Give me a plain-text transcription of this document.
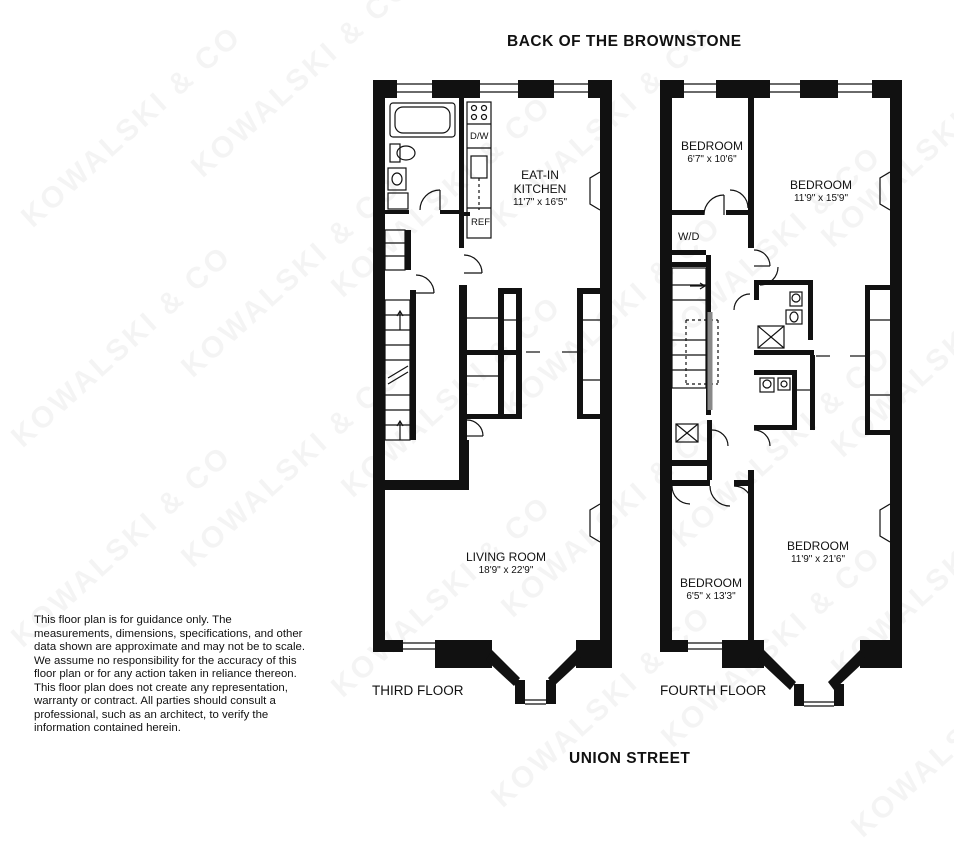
BACK OF THE BROWNSTONE
UNION STREET
THIRD FLOOR	FOURTH FLOOR
EAT-IN
KITCHEN
11'7" x 16'5"
LIVING ROOM
18'9" x 22'9"
D/W
REF
BEDROOM
6'7" x 10'6"
BEDROOM
11'9" x 15'9"
BEDROOM
6'5" x 13'3"
BEDROOM
11'9" x 21'6"
W/D
This floor plan is for guidance only. The measurements, dimensions, specifications, and other data shown are approximate and may not be to scale. We assume no responsibility for the accuracy of this floor plan or for any action taken in reliance thereon. This floor plan does not create any representation, warranty or contract. All parties should consult a professional, such as an architect, to verify the information contained herein.
